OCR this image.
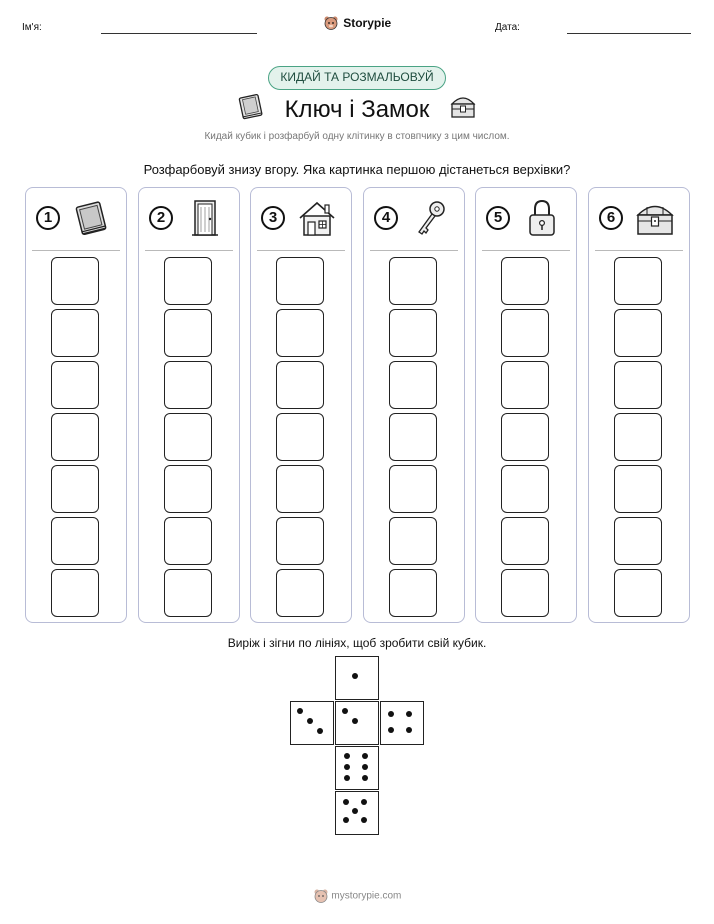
Ім'я:	Дата:
Storypie
КИДАЙ ТА РОЗМАЛЬОВУЙ
Ключ і Замок
Кидай кубик і розфарбуй одну клітинку в стовпчику з цим числом.
Розфарбовуй знизу вгору. Яка картинка першою дістанеться верхівки?
1	2	3	4	5	6
Виріж і зігни по лініях, щоб зробити свій кубик.
mystorypie.com
